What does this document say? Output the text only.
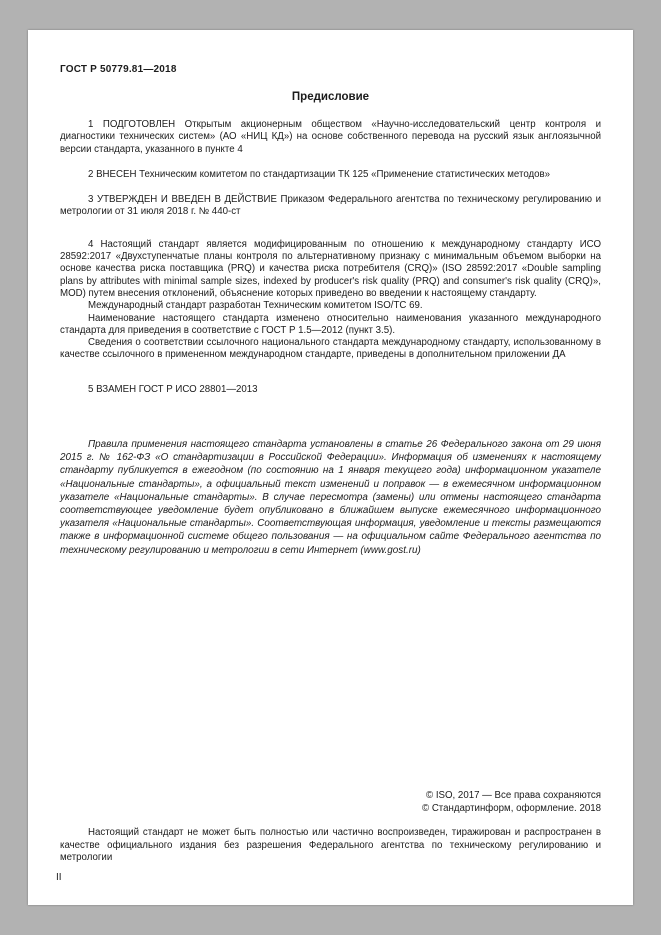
ГОСТ Р 50779.81—2018
Предисловие

1 ПОДГОТОВЛЕН Открытым акционерным обществом «Научно-исследовательский центр контроля и диагностики технических систем» (АО «НИЦ КД») на основе собственного перевода на русский язык англоязычной версии стандарта, указанного в пункте 4

2 ВНЕСЕН Техническим комитетом по стандартизации ТК 125 «Применение статистических методов»

3 УТВЕРЖДЕН И ВВЕДЕН В ДЕЙСТВИЕ Приказом Федерального агентства по техническому регулированию и метрологии от 31 июля 2018 г. № 440-ст

4 Настоящий стандарт является модифицированным по отношению к международному стандарту ИСО 28592:2017 «Двухступенчатые планы контроля по альтернативному признаку с минимальным объемом выборки на основе качества риска поставщика (PRQ) и качества риска потребителя (CRQ)» (ISO 28592:2017 «Double sampling plans by attributes with minimal sample sizes, indexed by producer's risk quality (PRQ) and consumer's risk quality (CRQ)», MOD) путем внесения отклонений, объяснение которых приведено во введении к настоящему стандарту.

Международный стандарт разработан Техническим комитетом ISO/TC 69.

Наименование настоящего стандарта изменено относительно наименования указанного международного стандарта для приведения в соответствие с ГОСТ Р 1.5—2012 (пункт 3.5).

Сведения о соответствии ссылочного национального стандарта международному стандарту, использованному в качестве ссылочного в примененном международном стандарте, приведены в дополнительном приложении ДА

5 ВЗАМЕН ГОСТ Р ИСО 28801—2013

Правила применения настоящего стандарта установлены в статье 26 Федерального закона от 29 июня 2015 г. № 162-ФЗ «О стандартизации в Российской Федерации». Информация об изменениях к настоящему стандарту публикуется в ежегодном (по состоянию на 1 января текущего года) информационном указателе «Национальные стандарты», а официальный текст изменений и поправок — в ежемесячном информационном указателе «Национальные стандарты». В случае пересмотра (замены) или отмены настоящего стандарта соответствующее уведомление будет опубликовано в ближайшем выпуске ежемесячного информационного указателя «Национальные стандарты». Соответствующая информация, уведомление и тексты размещаются также в информационной системе общего пользования — на официальном сайте Федерального агентства по техническому регулированию и метрологии в сети Интернет (www.gost.ru)

© ISO, 2017 — Все права сохраняются
© Стандартинформ, оформление. 2018

Настоящий стандарт не может быть полностью или частично воспроизведен, тиражирован и распространен в качестве официального издания без разрешения Федерального агентства по техническому регулированию и метрологии

II
